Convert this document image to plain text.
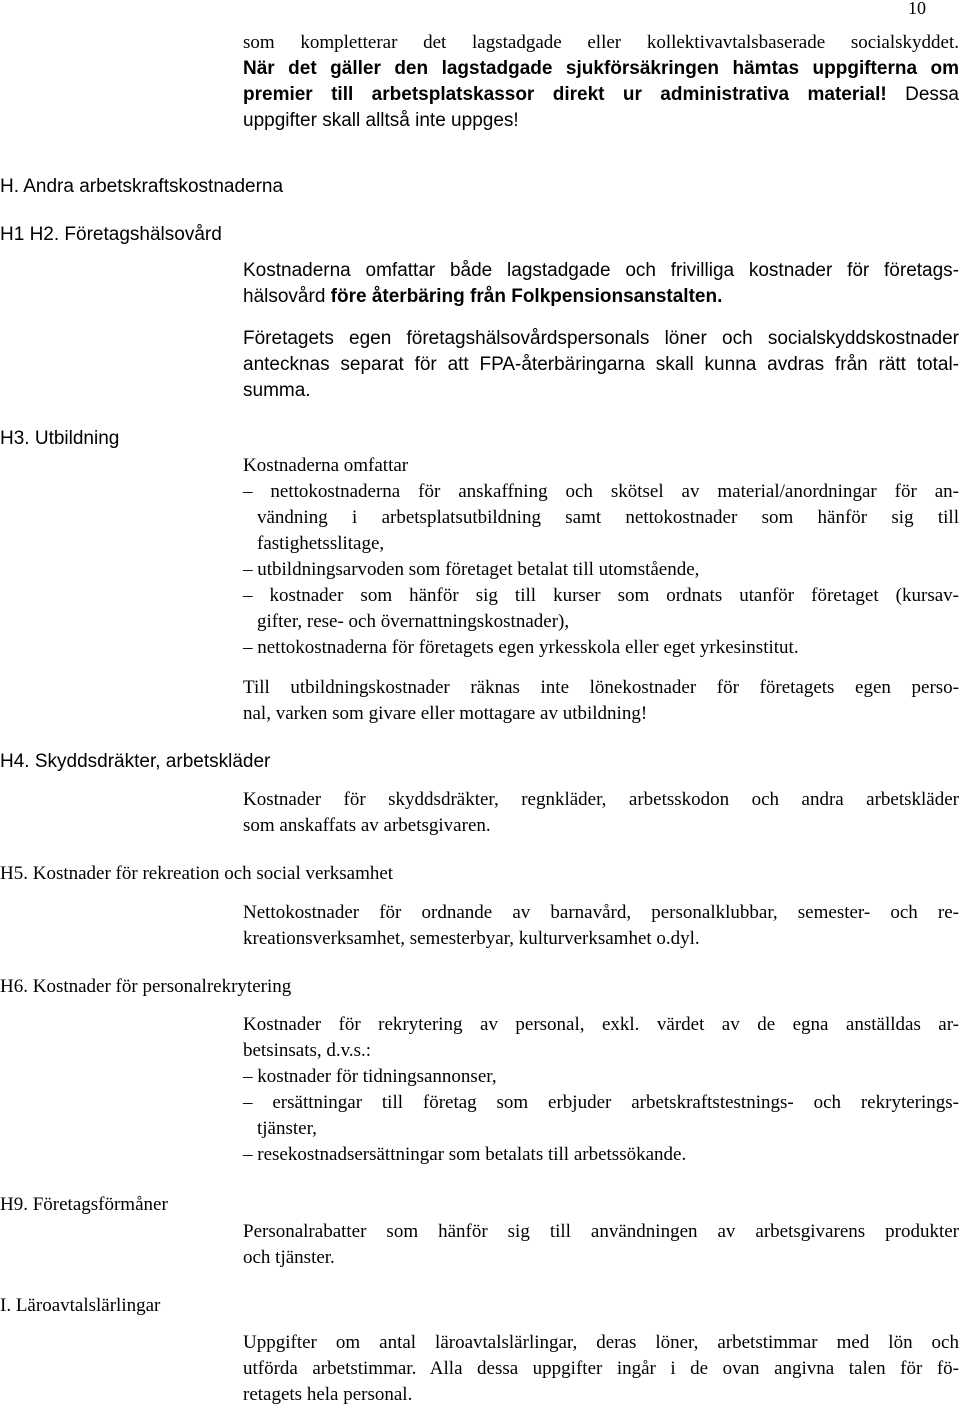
10
som kompletterar det lagstadgade eller kollektivavtalsbaserade socialskyddet.
När det gäller den lagstadgade sjukförsäkringen hämtas uppgifterna om
premier till arbetsplatskassor direkt ur administrativa material! Dessa
uppgifter skall alltså inte uppges!
H. Andra arbetskraftskostnaderna
H1 H2. Företagshälsovård
Kostnaderna omfattar både lagstadgade och frivilliga kostnader för företags-
hälsovård före återbäring från Folkpensionsanstalten.
Företagets egen företagshälsovårdspersonals löner och socialskyddskostnader
antecknas separat för att FPA-återbäringarna skall kunna avdras från rätt total-
summa.
H3. Utbildning
Kostnaderna omfattar
– nettokostnaderna för anskaffning och skötsel av material/anordningar för an-
vändning i arbetsplatsutbildning samt nettokostnader som hänför sig till
fastighetsslitage,
– utbildningsarvoden som företaget betalat till utomstående,
– kostnader som hänför sig till kurser som ordnats utanför företaget (kursav-
gifter, rese- och övernattningskostnader),
– nettokostnaderna för företagets egen yrkesskola eller eget yrkesinstitut.
Till utbildningskostnader räknas inte lönekostnader för företagets egen perso-
nal, varken som givare eller mottagare av utbildning!
H4. Skyddsdräkter, arbetskläder
Kostnader för skyddsdräkter, regnkläder, arbetsskodon och andra arbetskläder
som anskaffats av arbetsgivaren.
H5. Kostnader för rekreation och social verksamhet
Nettokostnader för ordnande av barnavård, personalklubbar, semester- och re-
kreationsverksamhet, semesterbyar, kulturverksamhet o.dyl.
H6. Kostnader för personalrekrytering
Kostnader för rekrytering av personal, exkl. värdet av de egna anställdas ar-
betsinsats, d.v.s.:
– kostnader för tidningsannonser,
– ersättningar till företag som erbjuder arbetskraftstestnings- och rekryterings-
tjänster,
– resekostnadsersättningar som betalats till arbetssökande.
H9. Företagsförmåner
Personalrabatter som hänför sig till användningen av arbetsgivarens produkter
och tjänster.
I. Läroavtalslärlingar
Uppgifter om antal läroavtalslärlingar, deras löner, arbetstimmar med lön och
utförda arbetstimmar. Alla dessa uppgifter ingår i de ovan angivna talen för fö-
retagets hela personal.
